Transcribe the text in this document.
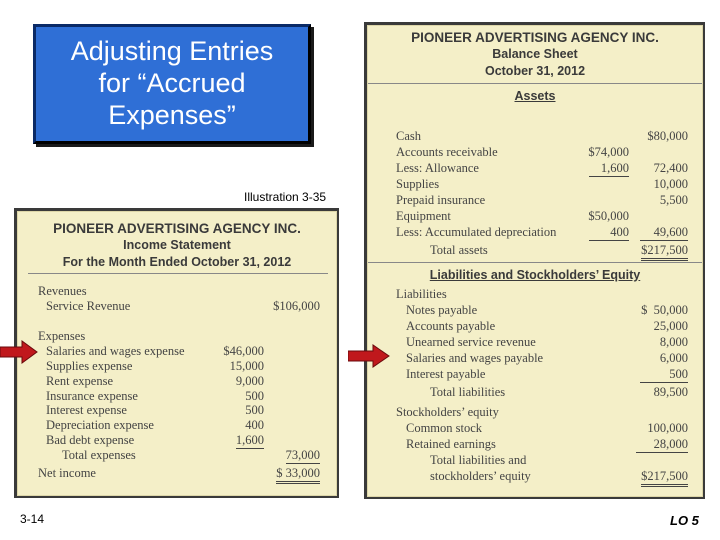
Adjusting Entries
for “Accrued
Expenses”
Illustration 3-35
PIONEER ADVERTISING AGENCY INC.
Income Statement
For the Month Ended October 31, 2012
Revenues
Service Revenue	$106,000
Expenses
Salaries and wages expense	$46,000
Supplies expense	15,000
Rent expense	9,000
Insurance expense	500
Interest expense	500
Depreciation expense	400
Bad debt expense	1,600
Total expenses	73,000
Net income	$ 33,000
PIONEER ADVERTISING AGENCY INC.
Balance Sheet
October 31, 2012
Assets
Cash	$80,000
Accounts receivable	$74,000
Less: Allowance	1,600 72,400
Supplies	10,000
Prepaid insurance	5,500
Equipment	$50,000
Less: Accumulated depreciation	400	49,600
Total assets	$217,500
Liabilities and Stockholders’ Equity
Liabilities
Notes payable	$  50,000
Accounts payable	25,000
Unearned service revenue	8,000
Salaries and wages payable	6,000
Interest payable	500
Total liabilities	89,500
Stockholders’ equity
Common stock	100,000
Retained earnings	28,000
Total liabilities and
stockholders’ equity	$217,500
3-14	LO 5
